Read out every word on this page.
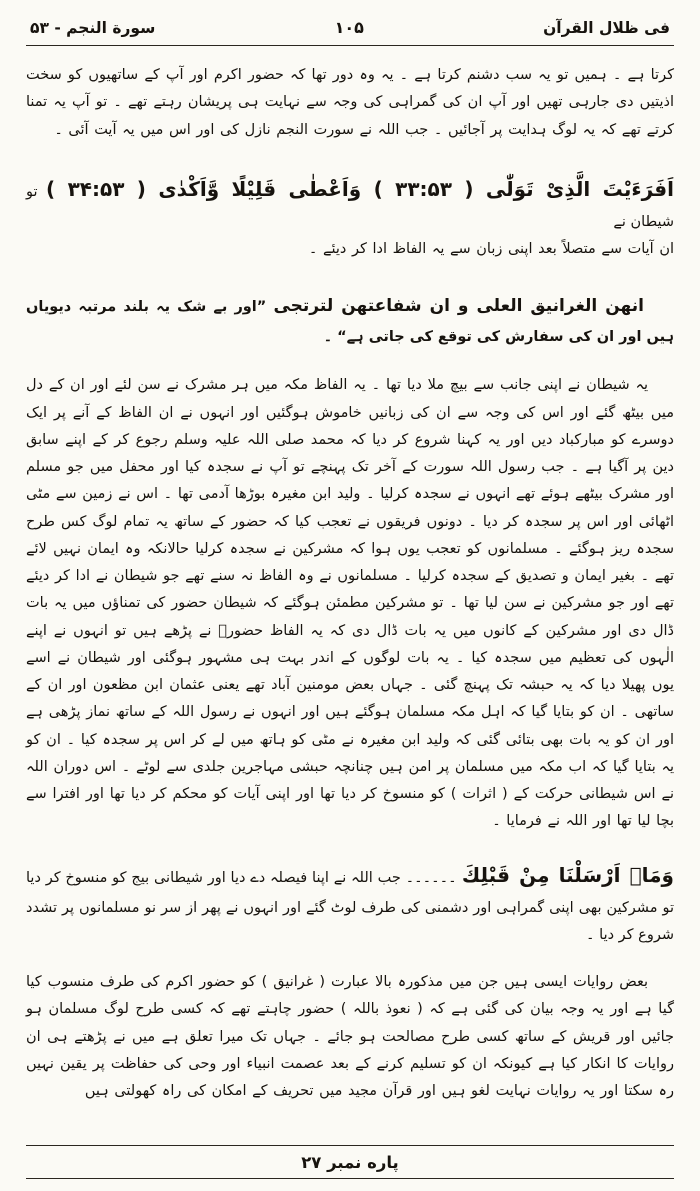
فی ظلال القرآن
۱۰۵
سورة النجم - ۵۳

کرتا ہے ۔ ہمیں تو یہ سب دشنم کرتا ہے ۔ یہ وہ دور تھا کہ حضور اکرم اور آپ کے ساتھیوں کو سخت اذیتیں دی جارہی تھیں اور آپ ان کی گمراہی کی وجہ سے نہایت ہی پریشان رہتے تھے ۔ تو آپ یہ تمنا کرتے تھے کہ یہ لوگ ہدایت پر آجائیں ۔ جب اللہ نے سورت النجم نازل کی اور اس میں یہ آیت آئی ۔

اَفَرَءَیْتَ الَّذِیْ تَوَلّٰی ( ۳۳:۵۳ ) وَاَعْطٰی قَلِیْلًا وَّاَکْدٰی ( ۳۴:۵۳ ) تو شیطان نے

ان آیات سے متصلاً بعد اپنی زبان سے یہ الفاظ ادا کر دیئے ۔

انهن الغرانيق العلى و ان شفاعتهن لترتجى ”اور بے شک یہ بلند مرتبہ دیویاں ہیں اور ان کی سفارش کی توقع کی جاتی ہے“ ۔

یہ شیطان نے اپنی جانب سے بیچ ملا دیا تھا ۔ یہ الفاظ مکہ میں ہر مشرک نے سن لئے اور ان کے دل میں بیٹھ گئے اور اس کی وجہ سے ان کی زبانیں خاموش ہوگئیں اور انہوں نے ان الفاظ کے آنے پر ایک دوسرے کو مبارکباد دیں اور یہ کہنا شروع کر دیا کہ محمد صلی اللہ علیہ وسلم رجوع کر کے اپنے سابق دین پر آگیا ہے ۔ جب رسول اللہ سورت کے آخر تک پہنچے تو آپ نے سجدہ کیا اور محفل میں جو مسلم اور مشرک بیٹھے ہوئے تھے انہوں نے سجدہ کرلیا ۔ ولید ابن مغیرہ بوڑھا آدمی تھا ۔ اس نے زمین سے مٹی اٹھائی اور اس پر سجدہ کر دیا ۔ دونوں فریقوں نے تعجب کیا کہ حضور کے ساتھ یہ تمام لوگ کس طرح سجدہ ریز ہوگئے ۔ مسلمانوں کو تعجب یوں ہوا کہ مشرکین نے سجدہ کرلیا حالانکہ وہ ایمان نہیں لائے تھے ۔ بغیر ایمان و تصدیق کے سجدہ کرلیا ۔ مسلمانوں نے وہ الفاظ نہ سنے تھے جو شیطان نے ادا کر دیئے تھے اور جو مشرکین نے سن لیا تھا ۔ تو مشرکین مطمئن ہوگئے کہ شیطان حضور کی تمناؤں میں یہ بات ڈال دی اور مشرکین کے کانوں میں یہ بات ڈال دی کہ یہ الفاظ حضورؐ نے پڑھے ہیں تو انہوں نے اپنے الٰہوں کی تعظیم میں سجدہ کیا ۔ یہ بات لوگوں کے اندر بہت ہی مشہور ہوگئی اور شیطان نے اسے یوں پھیلا دیا کہ یہ حبشہ تک پہنچ گئی ۔ جہاں بعض مومنین آباد تھے یعنی عثمان ابن مظعون اور ان کے ساتھی ۔ ان کو بتایا گیا کہ اہل مکہ مسلمان ہوگئے ہیں اور انہوں نے رسول اللہ کے ساتھ نماز پڑھی ہے اور ان کو یہ بات بھی بتائی گئی کہ ولید ابن مغیرہ نے مٹی کو ہاتھ میں لے کر اس پر سجدہ کیا ۔ ان کو یہ بتایا گیا کہ اب مکہ میں مسلمان پر امن ہیں چنانچہ حبشی مہاجرین جلدی سے لوٹے ۔ اس دوران اللہ نے اس شیطانی حرکت کے ( اثرات ) کو منسوخ کر دیا تھا اور اپنی آیات کو محکم کر دیا تھا اور افترا سے بچا لیا تھا اور اللہ نے فرمایا ۔

وَمَاۤ اَرْسَلْنَا مِنْ قَبْلِكَ ۔۔۔۔۔۔ جب اللہ نے اپنا فیصلہ دے دیا اور شیطانی بیج کو منسوخ کر دیا تو مشرکین بھی اپنی گمراہی اور دشمنی کی طرف لوٹ گئے اور انہوں نے پھر از سر نو مسلمانوں پر تشدد شروع کر دیا ۔

بعض روایات ایسی ہیں جن میں مذکورہ بالا عبارت ( غرانیق ) کو حضور اکرم کی طرف منسوب کیا گیا ہے اور یہ وجہ بیان کی گئی ہے کہ ( نعوذ باللہ ) حضور چاہتے تھے کہ کسی طرح لوگ مسلمان ہو جائیں اور قریش کے ساتھ کسی طرح مصالحت ہو جائے ۔ جہاں تک میرا تعلق ہے میں نے پڑھتے ہی ان روایات کا انکار کیا ہے کیونکہ ان کو تسلیم کرنے کے بعد عصمت انبیاء اور وحی کی حفاظت پر یقین نہیں رہ سکتا اور یہ روایات نہایت لغو ہیں اور قرآن مجید میں تحریف کے امکان کی راہ کھولتی ہیں

پاره نمبر ۲۷
